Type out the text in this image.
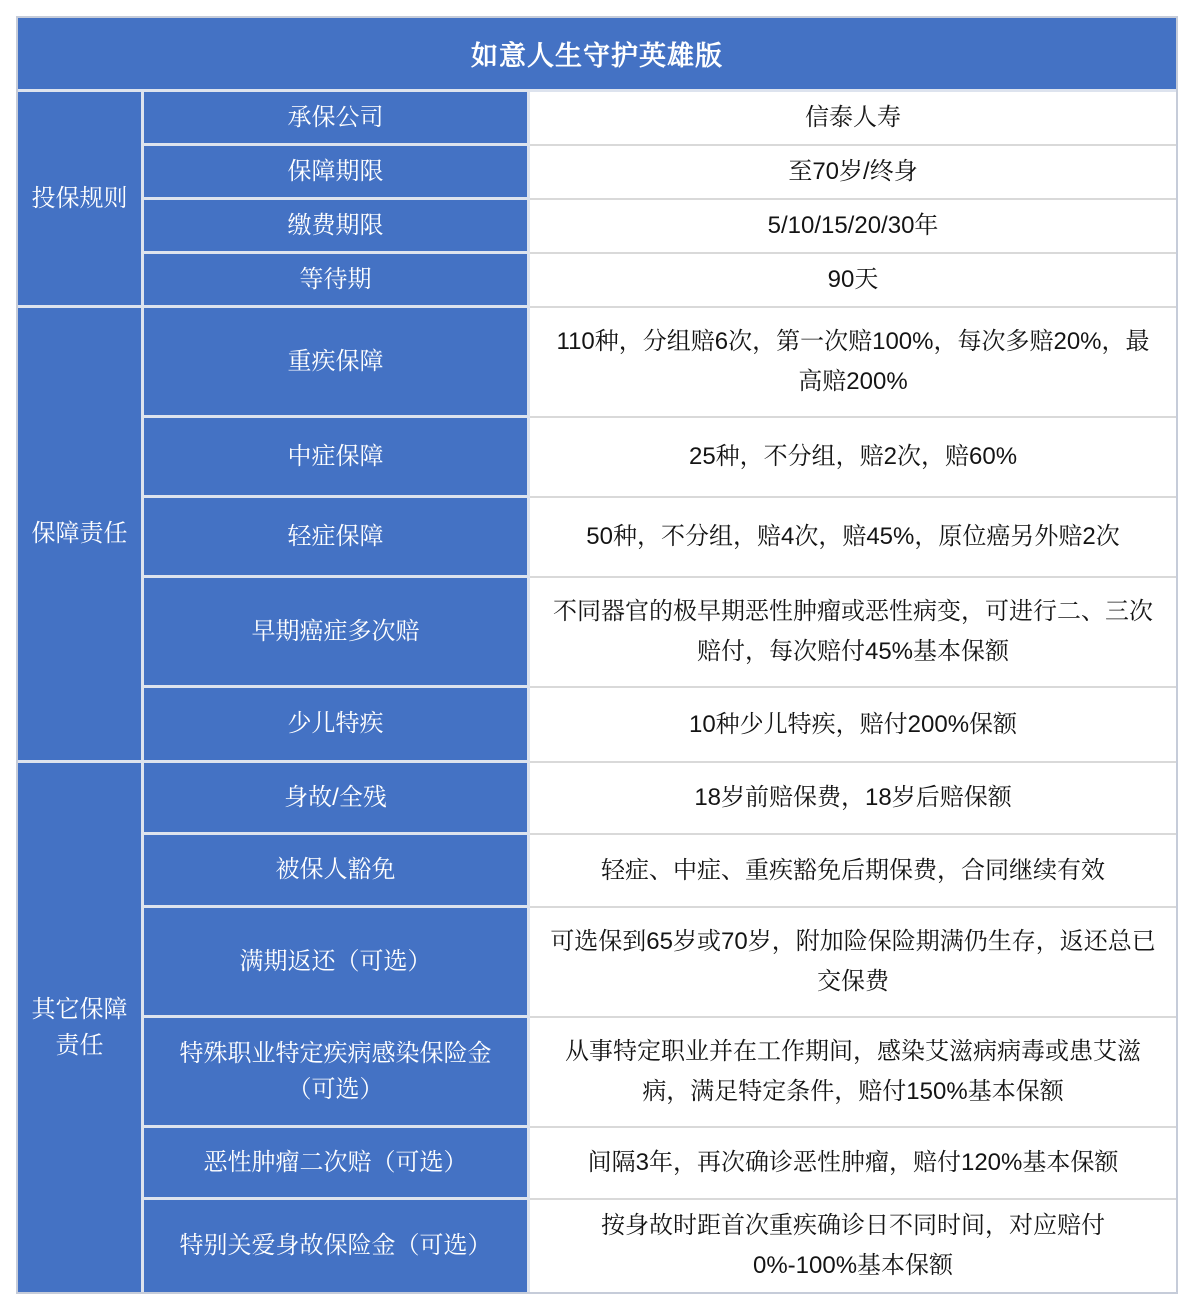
如意人生守护英雄版		
投保规则	承保公司	信泰人寿
	保障期限	至70岁/终身
	缴费期限	5/10/15/20/30年
	等待期	90天
保障责任	重疾保障	110种，分组赔6次，第一次赔100%，每次多赔20%，最高赔200%
	中症保障	25种，不分组，赔2次，赔60%
	轻症保障	50种，不分组，赔4次，赔45%，原位癌另外赔2次
	早期癌症多次赔	不同器官的极早期恶性肿瘤或恶性病变，可进行二、三次赔付，每次赔付45%基本保额
	少儿特疾	10种少儿特疾，赔付200%保额
其它保障责任	身故/全残	18岁前赔保费，18岁后赔保额
	被保人豁免	轻症、中症、重疾豁免后期保费，合同继续有效
	满期返还（可选）	可选保到65岁或70岁，附加险保险期满仍生存，返还总已交保费
	特殊职业特定疾病感染保险金（可选）	从事特定职业并在工作期间，感染艾滋病病毒或患艾滋病，满足特定条件，赔付150%基本保额
	恶性肿瘤二次赔（可选）	间隔3年，再次确诊恶性肿瘤，赔付120%基本保额
	特别关爱身故保险金（可选）	按身故时距首次重疾确诊日不同时间，对应赔付0%-100%基本保额
